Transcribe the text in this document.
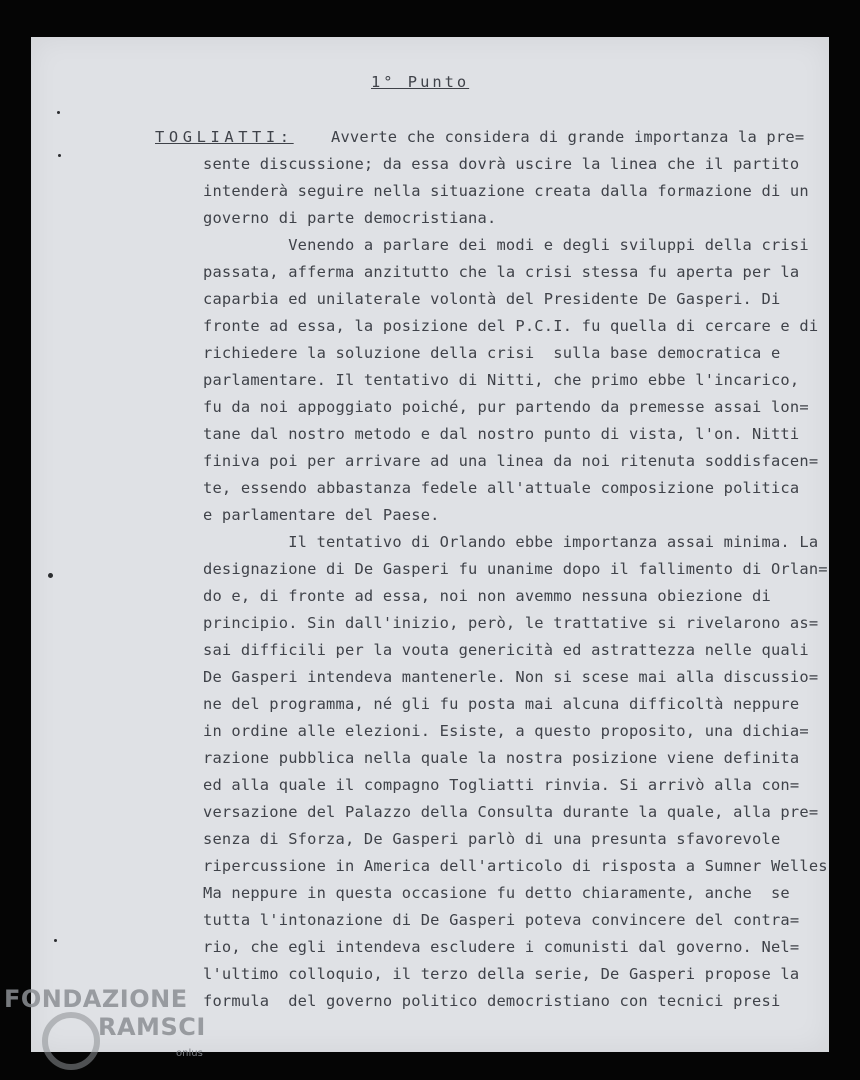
1° Punto
TOGLIATTI: Avverte che considera di grande importanza la pre=
sente discussione; da essa dovrà uscire la linea che il partito
intenderà seguire nella situazione creata dalla formazione di un
governo di parte democristiana.
Venendo a parlare dei modi e degli sviluppi della crisi
passata, afferma anzitutto che la crisi stessa fu aperta per la
caparbia ed unilaterale volontà del Presidente De Gasperi. Di
fronte ad essa, la posizione del P.C.I. fu quella di cercare e di
richiedere la soluzione della crisi  sulla base democratica e
parlamentare. Il tentativo di Nitti, che primo ebbe l'incarico,
fu da noi appoggiato poiché, pur partendo da premesse assai lon=
tane dal nostro metodo e dal nostro punto di vista, l'on. Nitti
finiva poi per arrivare ad una linea da noi ritenuta soddisfacen=
te, essendo abbastanza fedele all'attuale composizione politica
e parlamentare del Paese.
Il tentativo di Orlando ebbe importanza assai minima. La
designazione di De Gasperi fu unanime dopo il fallimento di Orlan=
do e, di fronte ad essa, noi non avemmo nessuna obiezione di
principio. Sin dall'inizio, però, le trattative si rivelarono as=
sai difficili per la vouta genericità ed astrattezza nelle quali
De Gasperi intendeva mantenerle. Non si scese mai alla discussio=
ne del programma, né gli fu posta mai alcuna difficoltà neppure
in ordine alle elezioni. Esiste, a questo proposito, una dichia=
razione pubblica nella quale la nostra posizione viene definita
ed alla quale il compagno Togliatti rinvia. Si arrivò alla con=
versazione del Palazzo della Consulta durante la quale, alla pre=
senza di Sforza, De Gasperi parlò di una presunta sfavorevole
ripercussione in America dell'articolo di risposta a Sumner Welles
Ma neppure in questa occasione fu detto chiaramente, anche  se
tutta l'intonazione di De Gasperi poteva convincere del contra=
rio, che egli intendeva escludere i comunisti dal governo. Nel=
l'ultimo colloquio, il terzo della serie, De Gasperi propose la
formula  del governo politico democristiano con tecnici presi
FONDAZIONE
RAMSCI
onlus
